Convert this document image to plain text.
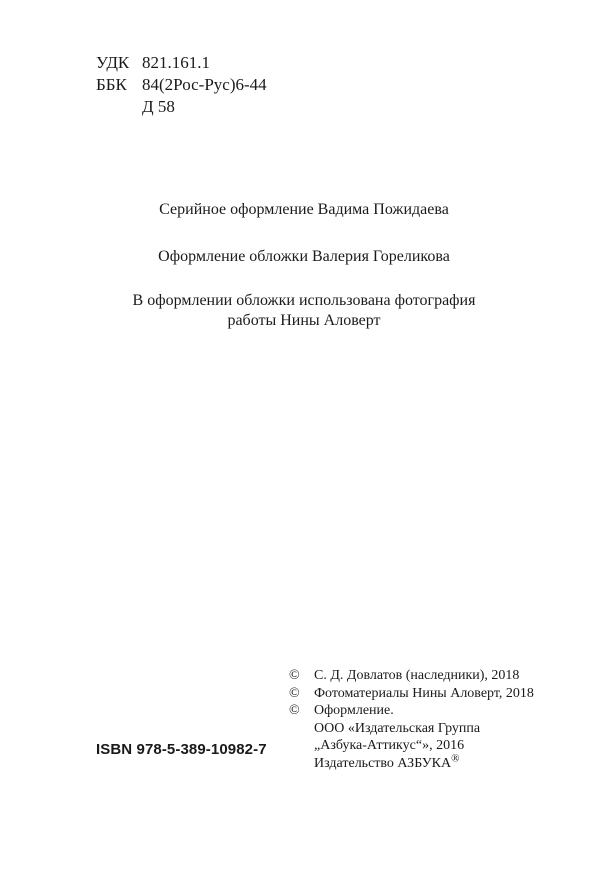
УДК 821.161.1
ББК 84(2Рос-Рус)6-44
Д 58
Серийное оформление Вадима Пожидаева
Оформление обложки Валерия Гореликова
В оформлении обложки использована фотография
работы Нины Аловерт
ISBN 978-5-389-10982-7
©	С. Д. Довлатов (наследники), 2018
©	Фотоматериалы Нины Аловерт, 2018
©	Оформление.
ООО «Издательская Группа
„Азбука-Аттикус“», 2016
Издательство АЗБУКА®
